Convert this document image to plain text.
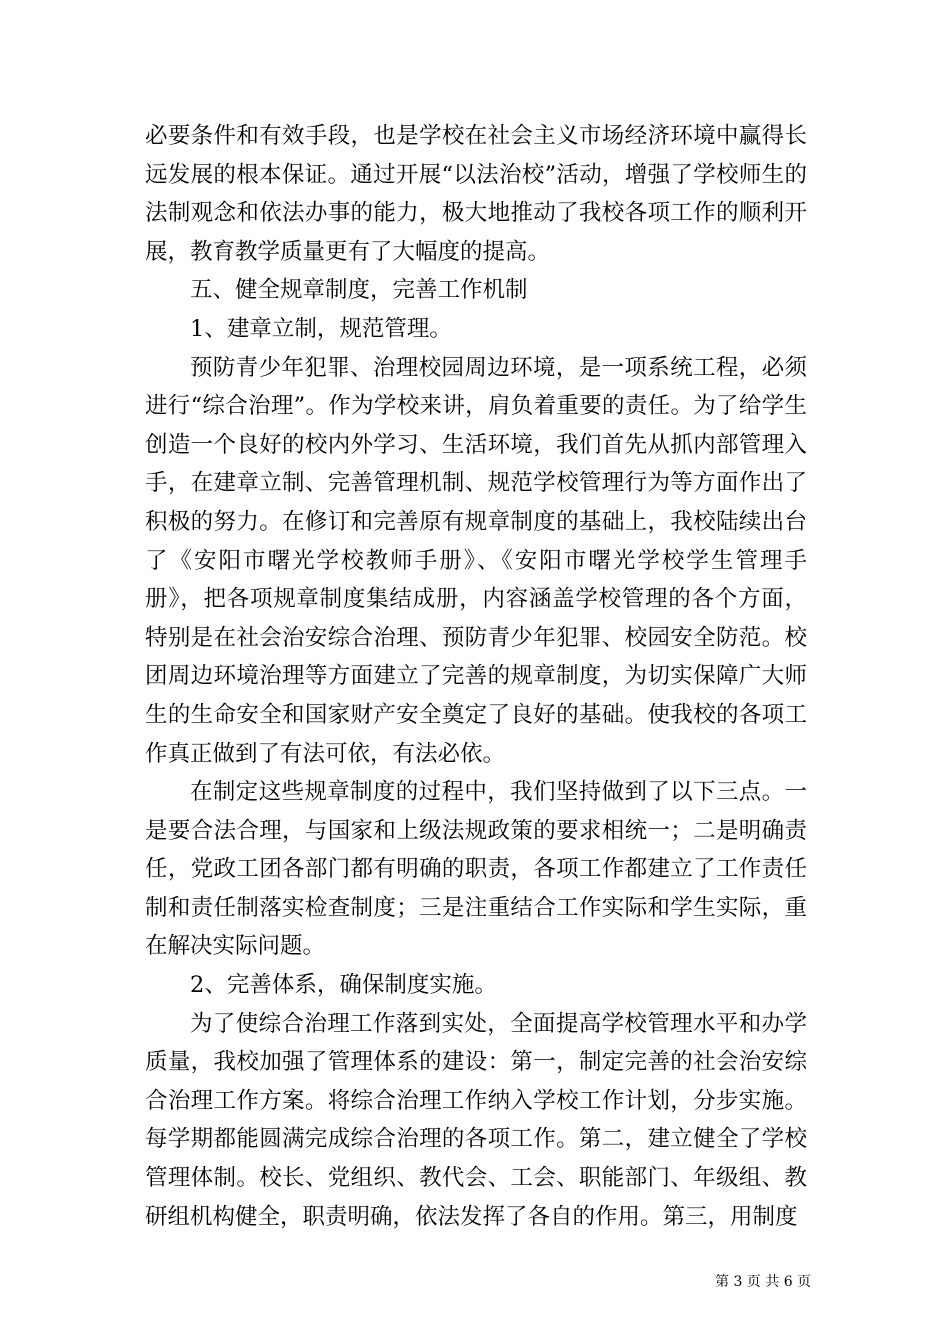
必要条件和有效手段，也是学校在社会主义市场经济环境中赢得长远发展的根本保证。通过开展“以法治校”活动，增强了学校师生的法制观念和依法办事的能力，极大地推动了我校各项工作的顺利开展，教育教学质量更有了大幅度的提高。

五、健全规章制度，完善工作机制

1、建章立制，规范管理。

预防青少年犯罪、治理校园周边环境，是一项系统工程，必须进行“综合治理”。作为学校来讲，肩负着重要的责任。为了给学生创造一个良好的校内外学习、生活环境，我们首先从抓内部管理入手，在建章立制、完善管理机制、规范学校管理行为等方面作出了积极的努力。在修订和完善原有规章制度的基础上，我校陆续出台了《安阳市曙光学校教师手册》、《安阳市曙光学校学生管理手册》，把各项规章制度集结成册，内容涵盖学校管理的各个方面，特别是在社会治安综合治理、预防青少年犯罪、校园安全防范。校团周边环境治理等方面建立了完善的规章制度，为切实保障广大师生的生命安全和国家财产安全奠定了良好的基础。使我校的各项工作真正做到了有法可依，有法必依。

在制定这些规章制度的过程中，我们坚持做到了以下三点。一是要合法合理，与国家和上级法规政策的要求相统一；二是明确责任，党政工团各部门都有明确的职责，各项工作都建立了工作责任制和责任制落实检查制度；三是注重结合工作实际和学生实际，重在解决实际问题。

2、完善体系，确保制度实施。

为了使综合治理工作落到实处，全面提高学校管理水平和办学质量，我校加强了管理体系的建设：第一，制定完善的社会治安综合治理工作方案。将综合治理工作纳入学校工作计划，分步实施。每学期都能圆满完成综合治理的各项工作。第二，建立健全了学校管理体制。校长、党组织、教代会、工会、职能部门、年级组、教研组机构健全，职责明确，依法发挥了各自的作用。第三，用制度

第 3 页 共 6 页
